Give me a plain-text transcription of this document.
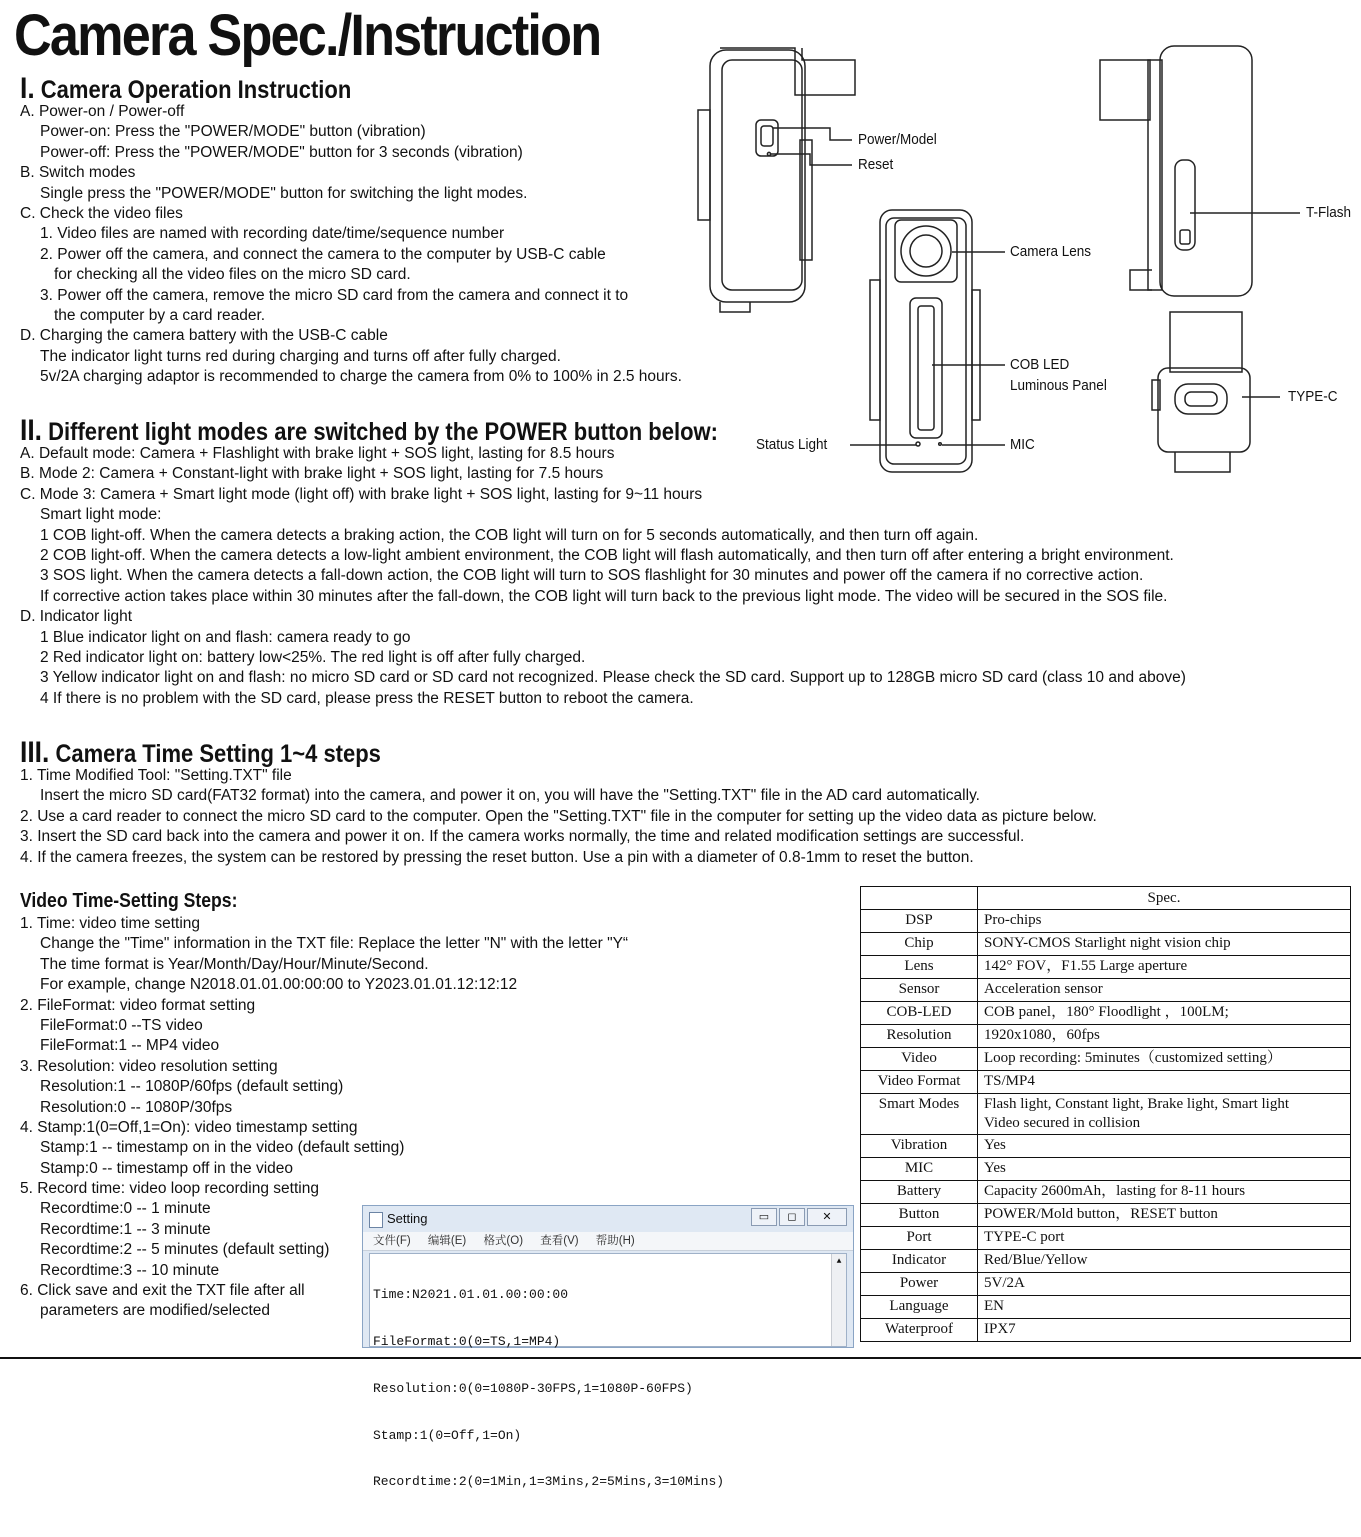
Camera Spec./Instruction
I. Camera Operation Instruction
A. Power-on / Power-off
Power-on: Press the "POWER/MODE" button (vibration)
Power-off: Press the "POWER/MODE" button for 3 seconds (vibration)
B. Switch modes
Single press the "POWER/MODE" button for switching the light modes.
C. Check the video files
1. Video files are named with recording date/time/sequence number
2. Power off the camera, and connect the camera to the computer by USB-C cable
for checking all the video files on the micro SD card.
3. Power off the camera, remove the micro SD card from the camera and connect it to
the computer by a card reader.
D. Charging the camera battery with the USB-C cable
The indicator light turns red during charging and turns off after fully charged.
5v/2A charging adaptor is recommended to charge the camera from 0% to 100% in 2.5 hours.
II. Different light modes are switched by the POWER button below:
A. Default mode: Camera + Flashlight with brake light + SOS light, lasting for 8.5 hours
B. Mode 2: Camera + Constant-light with brake light + SOS light, lasting for 7.5 hours
C. Mode 3: Camera + Smart light mode (light off) with brake light + SOS light, lasting for 9~11 hours
Smart light mode:
1 COB light-off. When the camera detects a braking action, the COB light will turn on for 5 seconds automatically, and then turn off again.
2 COB light-off. When the camera detects a low-light ambient environment, the COB light will flash automatically, and then turn off after entering a bright environment.
3 SOS light. When the camera detects a fall-down action, the COB light will turn to SOS flashlight for 30 minutes and power off the camera if no corrective action.
If corrective action takes place within 30 minutes after the fall-down, the COB light will turn back to the previous light mode. The video will be secured in the SOS file.
D. Indicator light
1 Blue indicator light on and flash: camera ready to go
2 Red indicator light on: battery low<25%. The red light is off after fully charged.
3 Yellow indicator light on and flash: no micro SD card or SD card not recognized. Please check the SD card. Support up to 128GB micro SD card (class 10 and above)
4 If there is no problem with the SD card, please press the RESET button to reboot the camera.
III. Camera Time Setting 1~4 steps
1. Time Modified Tool: "Setting.TXT" file
Insert the micro SD card(FAT32 format) into the camera, and power it on, you will have the "Setting.TXT" file in the AD card automatically.
2. Use a card reader to connect the micro SD card to the computer. Open the "Setting.TXT" file in the computer for setting up the video data as picture below.
3. Insert the SD card back into the camera and power it on. If the camera works normally, the time and related modification settings are successful.
4. If the camera freezes, the system can be restored by pressing the reset button. Use a pin with a diameter of 0.8-1mm to reset the button.
Video Time-Setting Steps:
1. Time: video time setting
Change the "Time" information in the TXT file: Replace the letter "N" with the letter "Y“
The time format is Year/Month/Day/Hour/Minute/Second.
For example, change N2018.01.01.00:00:00 to Y2023.01.01.12:12:12
2. FileFormat: video format setting
FileFormat:0 --TS video
FileFormat:1 -- MP4 video
3. Resolution: video resolution setting
Resolution:1 -- 1080P/60fps (default setting)
Resolution:0 -- 1080P/30fps
4. Stamp:1(0=Off,1=On): video timestamp setting
Stamp:1 -- timestamp on in the video (default setting)
Stamp:0 -- timestamp off in the video
5. Record time: video loop recording setting
Recordtime:0 -- 1 minute
Recordtime:1 -- 3 minute
Recordtime:2 -- 5 minutes (default setting)
Recordtime:3 -- 10 minute
6. Click save and exit the TXT file after all
parameters are modified/selected
Power/Model
Reset
T-Flash
Camera Lens
COB LED
Luminous Panel
TYPE-C
Status Light	MIC
Setting	▭	◻	✕
文件(F) 编辑(E) 格式(O) 查看(V) 帮助(H)

Time:N2021.01.01.00:00:00

FileFormat:0(0=TS,1=MP4)

Resolution:0(0=1080P-30FPS,1=1080P-60FPS)

Stamp:1(0=Off,1=On)

Recordtime:2(0=1Min,1=3Mins,2=5Mins,3=10Mins)

▲

	Spec.
DSP	Pro-chips
Chip	SONY-CMOS Starlight night vision chip
Lens	142° FOV，F1.55 Large aperture
Sensor	Acceleration sensor
COB-LED	COB panel，180° Floodlight ，100LM;
Resolution	1920x1080，60fps
Video	Loop recording: 5minutes（customized setting）
Video Format	TS/MP4
Smart Modes	Flash light, Constant light, Brake light, Smart light
Video secured in collision

Vibration	Yes
MIC	Yes
Battery	Capacity 2600mAh，lasting for 8-11 hours
Button	POWER/Mold button，RESET button
Port	TYPE-C port
Indicator	Red/Blue/Yellow
Power	5V/2A
Language	EN
Waterproof	IPX7
